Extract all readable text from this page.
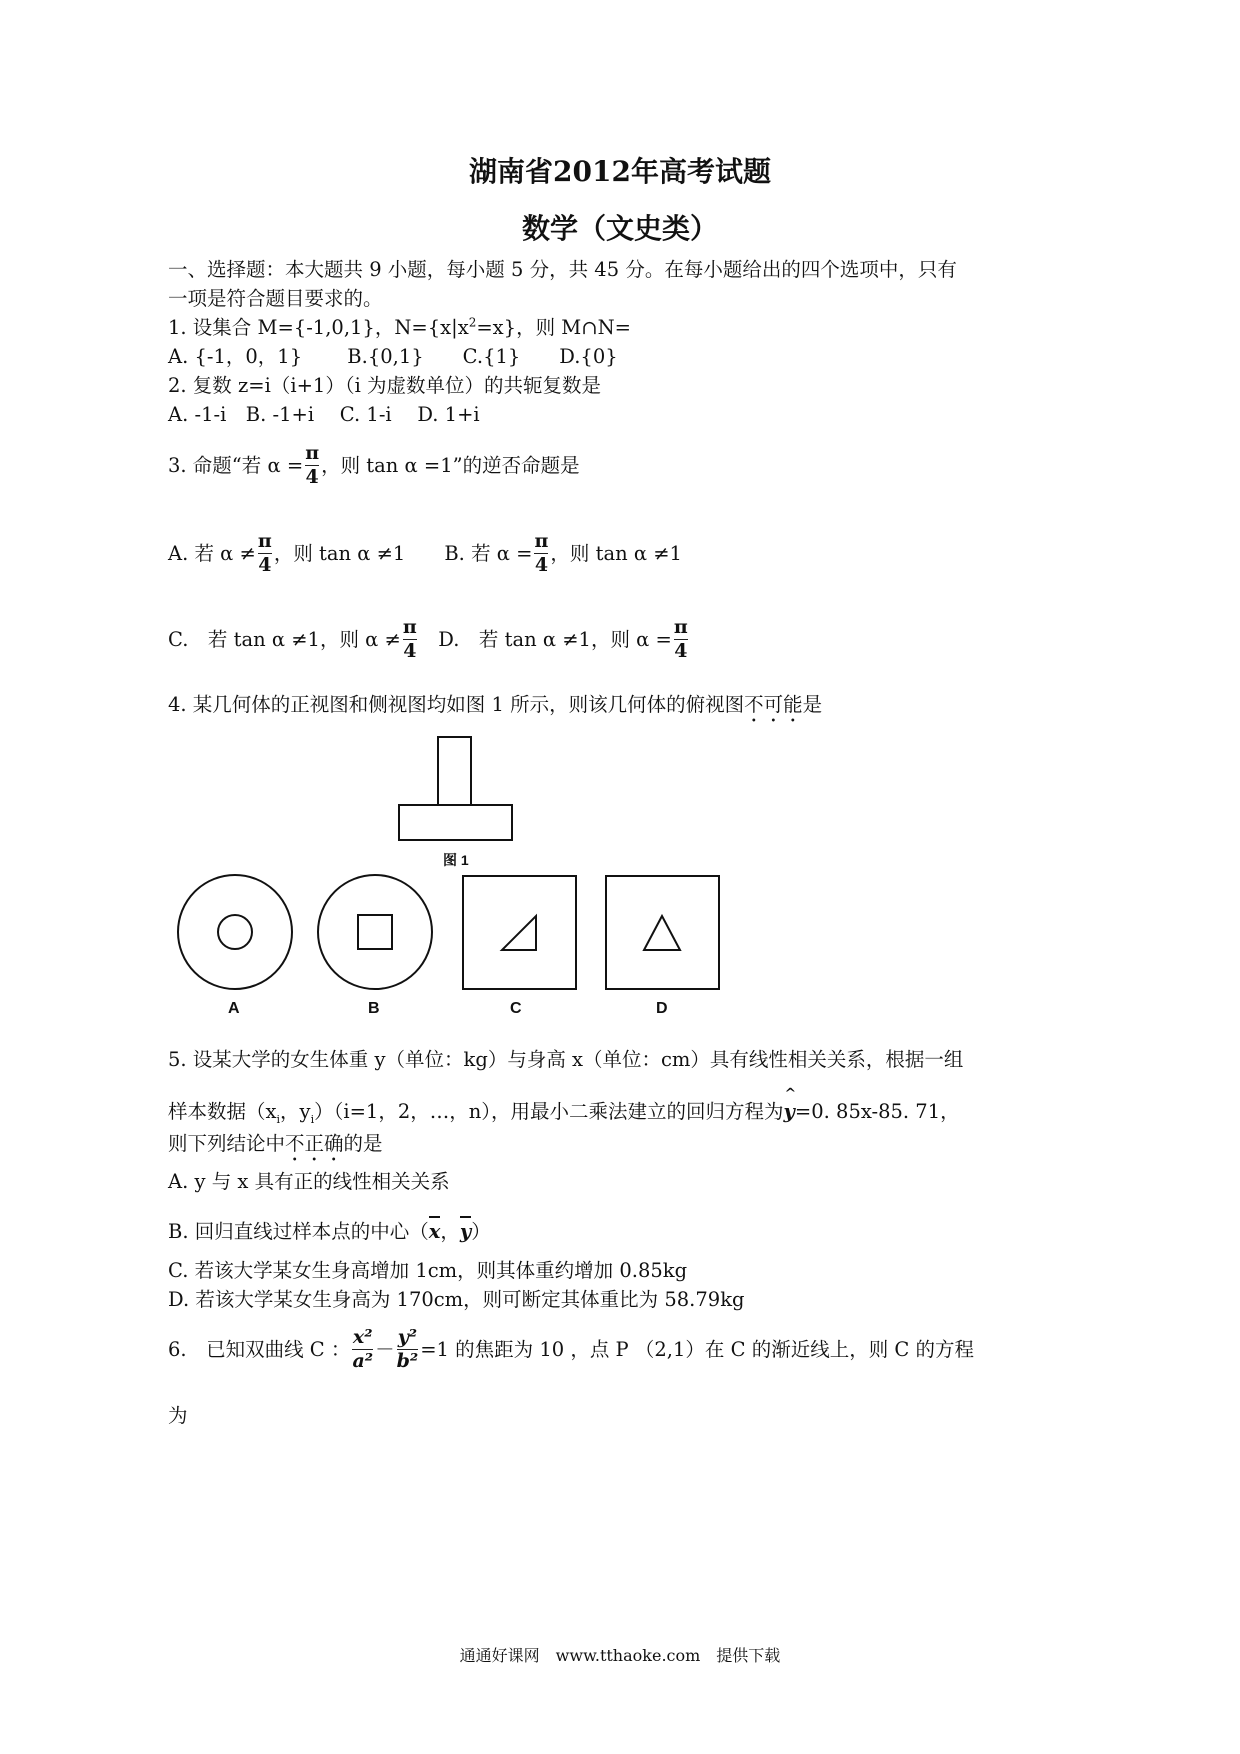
湖南省2012年高考试题
数学（文史类）
一、选择题：本大题共 9 小题，每小题 5 分，共 45 分。在每小题给出的四个选项中，只有
一项是符合题目要求的。
1. 设集合 M={-1,0,1}，$N=\{x|x^2=x\}$，则 M∩N=
A. {-1，0，1}　　 B.{0,1}　　C.{1}　　D.{0}
2. 复数 z=i（i+1）（i 为虚数单位）的共轭复数是
A. -1-i　B. -1+i　 C. 1-i　 D. 1+i
3. 命题“若 $\alpha = \frac{\pi}{4}$ ，则 tan α =1”的逆否命题是
A. 若 $\alpha \ne \frac{\pi}{4}$ ，则 tan α ≠1　　B. 若 $\alpha = \frac{\pi}{4}$ ，则 tan α ≠1
C.　若 tan α ≠1，则 $\alpha \ne \frac{\pi}{4}$ 　D.　若 tan α ≠1，则 $\alpha = \frac{\pi}{4}$
4. 某几何体的正视图和侧视图均如图 1 所示，则该几何体的俯视图不可能是
图 1
A	B	C	D
5. 设某大学的女生体重 y（单位：kg）与身高 x（单位：cm）具有线性相关关系，根据一组
样本数据（$x_i$，$y_i)(i=1$，2，…，n），用最小二乘法建立的回归方程为^ y=0. 85x-85. 71，
则下列结论中不正确的是
A. y 与 x 具有正的线性相关关系
B. 回归直线过样本点的中心（x，y）
C. 若该大学某女生身高增加 1cm，则其体重约增加 0.85kg
D. 若该大学某女生身高为 170cm，则可断定其体重比为 58.79kg
6.　已知双曲线 C ： $\frac{\text{x²}}{\text{a²}} - \frac{\text{y²}}{\text{b²}} =1$ 的焦距为 10 ，点 P （2,1）在 C 的渐近线上，则 C 的方程
为
通通好课网　www.tthaoke.com　提供下载
